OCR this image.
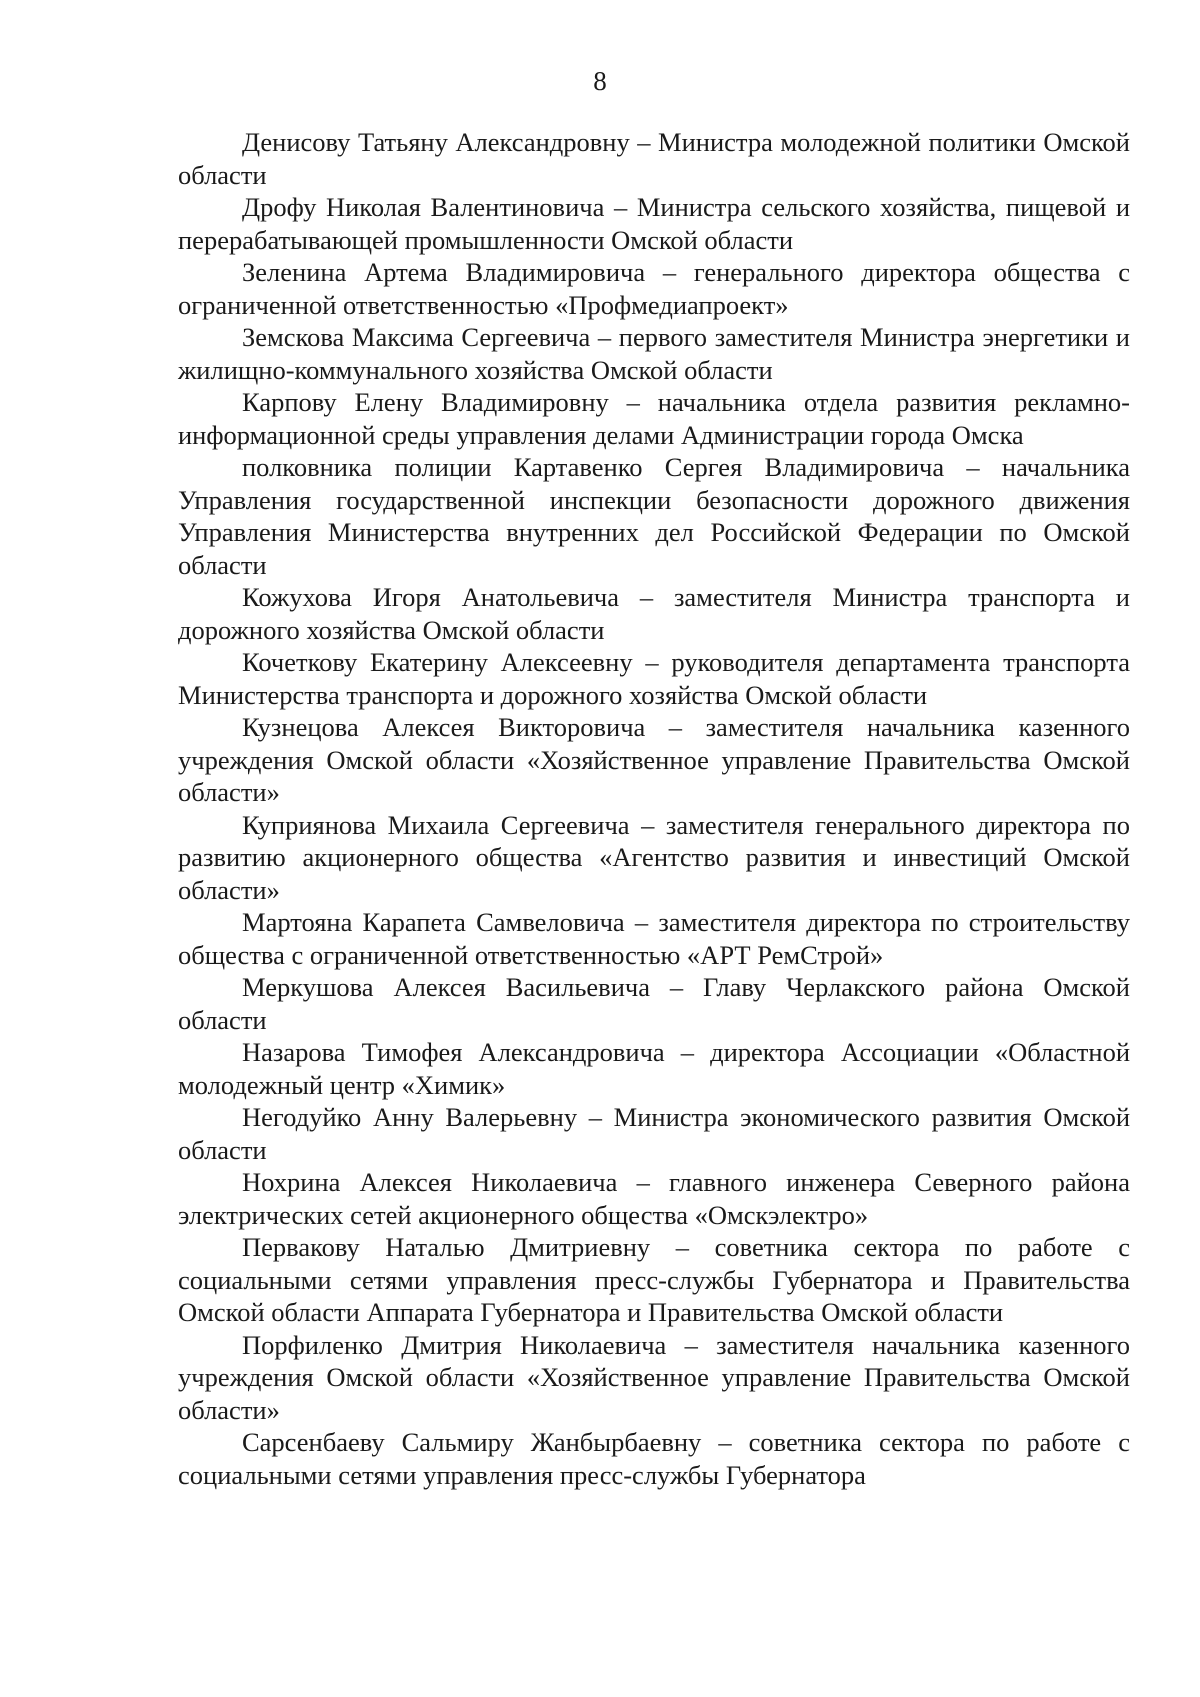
8

Денисову Татьяну Александровну – Министра молодежной политики Омской области

Дрофу Николая Валентиновича – Министра сельского хозяйства, пищевой и перерабатывающей промышленности Омской области

Зеленина Артема Владимировича – генерального директора общества с ограниченной ответственностью «Профмедиапроект»

Земскова Максима Сергеевича – первого заместителя Министра энергетики и жилищно-коммунального хозяйства Омской области

Карпову Елену Владимировну – начальника отдела развития рекламно-информационной среды управления делами Администрации города Омска

полковника полиции Картавенко Сергея Владимировича – начальника Управления государственной инспекции безопасности дорожного движения Управления Министерства внутренних дел Российской Федерации по Омской области

Кожухова Игоря Анатольевича – заместителя Министра транспорта и дорожного хозяйства Омской области

Кочеткову Екатерину Алексеевну – руководителя департамента транспорта Министерства транспорта и дорожного хозяйства Омской области

Кузнецова Алексея Викторовича – заместителя начальника казенного учреждения Омской области «Хозяйственное управление Правительства Омской области»

Куприянова Михаила Сергеевича – заместителя генерального директора по развитию акционерного общества «Агентство развития и инвестиций Омской области»

Мартояна Карапета Самвеловича – заместителя директора по строительству общества с ограниченной ответственностью «АРТ РемСтрой»

Меркушова Алексея Васильевича – Главу Черлакского района Омской области

Назарова Тимофея Александровича – директора Ассоциации «Областной молодежный центр «Химик»

Негодуйко Анну Валерьевну – Министра экономического развития Омской области

Нохрина Алексея Николаевича – главного инженера Северного района электрических сетей акционерного общества «Омскэлектро»

Первакову Наталью Дмитриевну – советника сектора по работе с социальными сетями управления пресс-службы Губернатора и Правительства Омской области Аппарата Губернатора и Правительства Омской области

Порфиленко Дмитрия Николаевича – заместителя начальника казенного учреждения Омской области «Хозяйственное управление Правительства Омской области»

Сарсенбаеву Сальмиру Жанбырбаевну – советника сектора по работе с социальными сетями управления пресс-службы Губернатора
